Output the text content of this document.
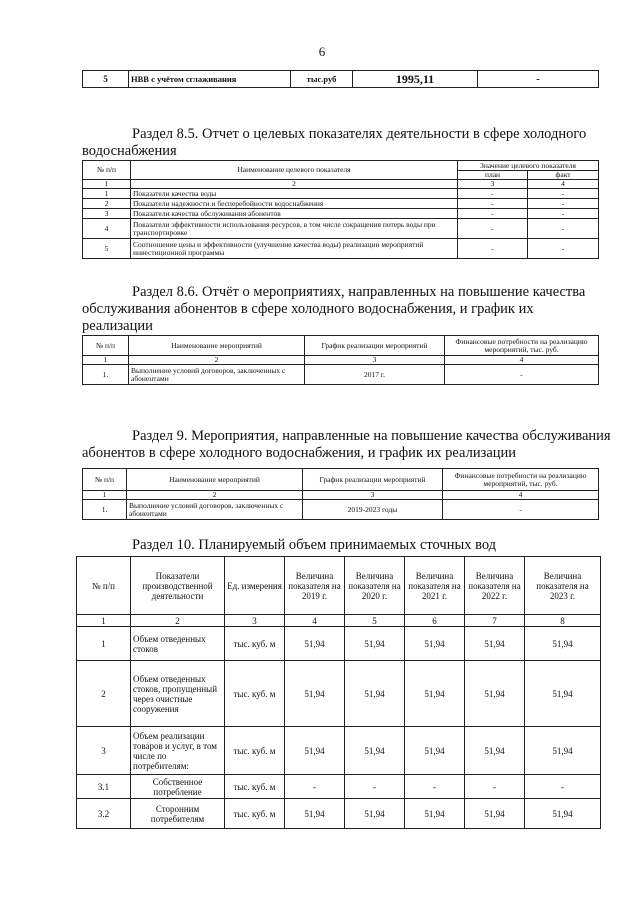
6
5	НВВ с учётом сглаживания	тыс.руб	1995,11	-
Раздел 8.5. Отчет о целевых показателях деятельности в сфере холодного
водоснабжения
№ п/п	Наименование целевого показателя	Значение целевого показателя	
		план	факт
1	2	3	4
1	Показатели качества воды	-	-
2	Показатели надежности и бесперебойности водоснабжения	-	-
3	Показатели качества обслуживания абонентов	-	-
4	Показатели эффективности использования ресурсов, в том числе сокращения потерь воды при транспортировке	-	-
5	Соотношение цены и эффективности (улучшение качества воды) реализации мероприятий инвестиционной программы	-	-
Раздел 8.6. Отчёт о мероприятиях, направленных на повышение качества
обслуживания абонентов в сфере холодного водоснабжения, и график их
реализации
№ п/п	Наименование мероприятий	График реализации мероприятий	Финансовые потребности на реализацию мероприятий, тыс. руб.
1	2	3	4
1.	Выполнение условий договоров, заключенных с абонентами	2017 г.	-
Раздел 9. Мероприятия, направленные на повышение качества обслуживания
абонентов в сфере холодного водоснабжения, и график их реализации
№ п/п	Наименование мероприятий	График реализации мероприятий	Финансовые потребности на реализацию мероприятий, тыс. руб.
1	2	3	4
1.	Выполнение условий договоров, заключенных с абонентами	2019-2023 годы	-
Раздел 10. Планируемый объем принимаемых сточных вод
№ п/п	Показатели производственной деятельности	Ед. измерения	Величина показателя на 2019 г.	Величина показателя на 2020 г.	Величина показателя на 2021 г.	Величина показателя на 2022 г.	Величина показателя на 2023 г.
1	2	3	4	5	6	7	8
1	Объем отведенных стоков	тыс. куб. м	51,94	51,94	51,94	51,94	51,94
2	Объем отведенных стоков, пропущенный через очистные сооружения	тыс. куб. м	51,94	51,94	51,94	51,94	51,94
3	Объем реализации товаров и услуг, в том числе по потребителям:	тыс. куб. м	51,94	51,94	51,94	51,94	51,94
3.1	Собственное потребление	тыс. куб. м	-	-	-	-	-
3.2	Сторонним потребителям	тыс. куб. м	51,94	51,94	51,94	51,94	51,94
